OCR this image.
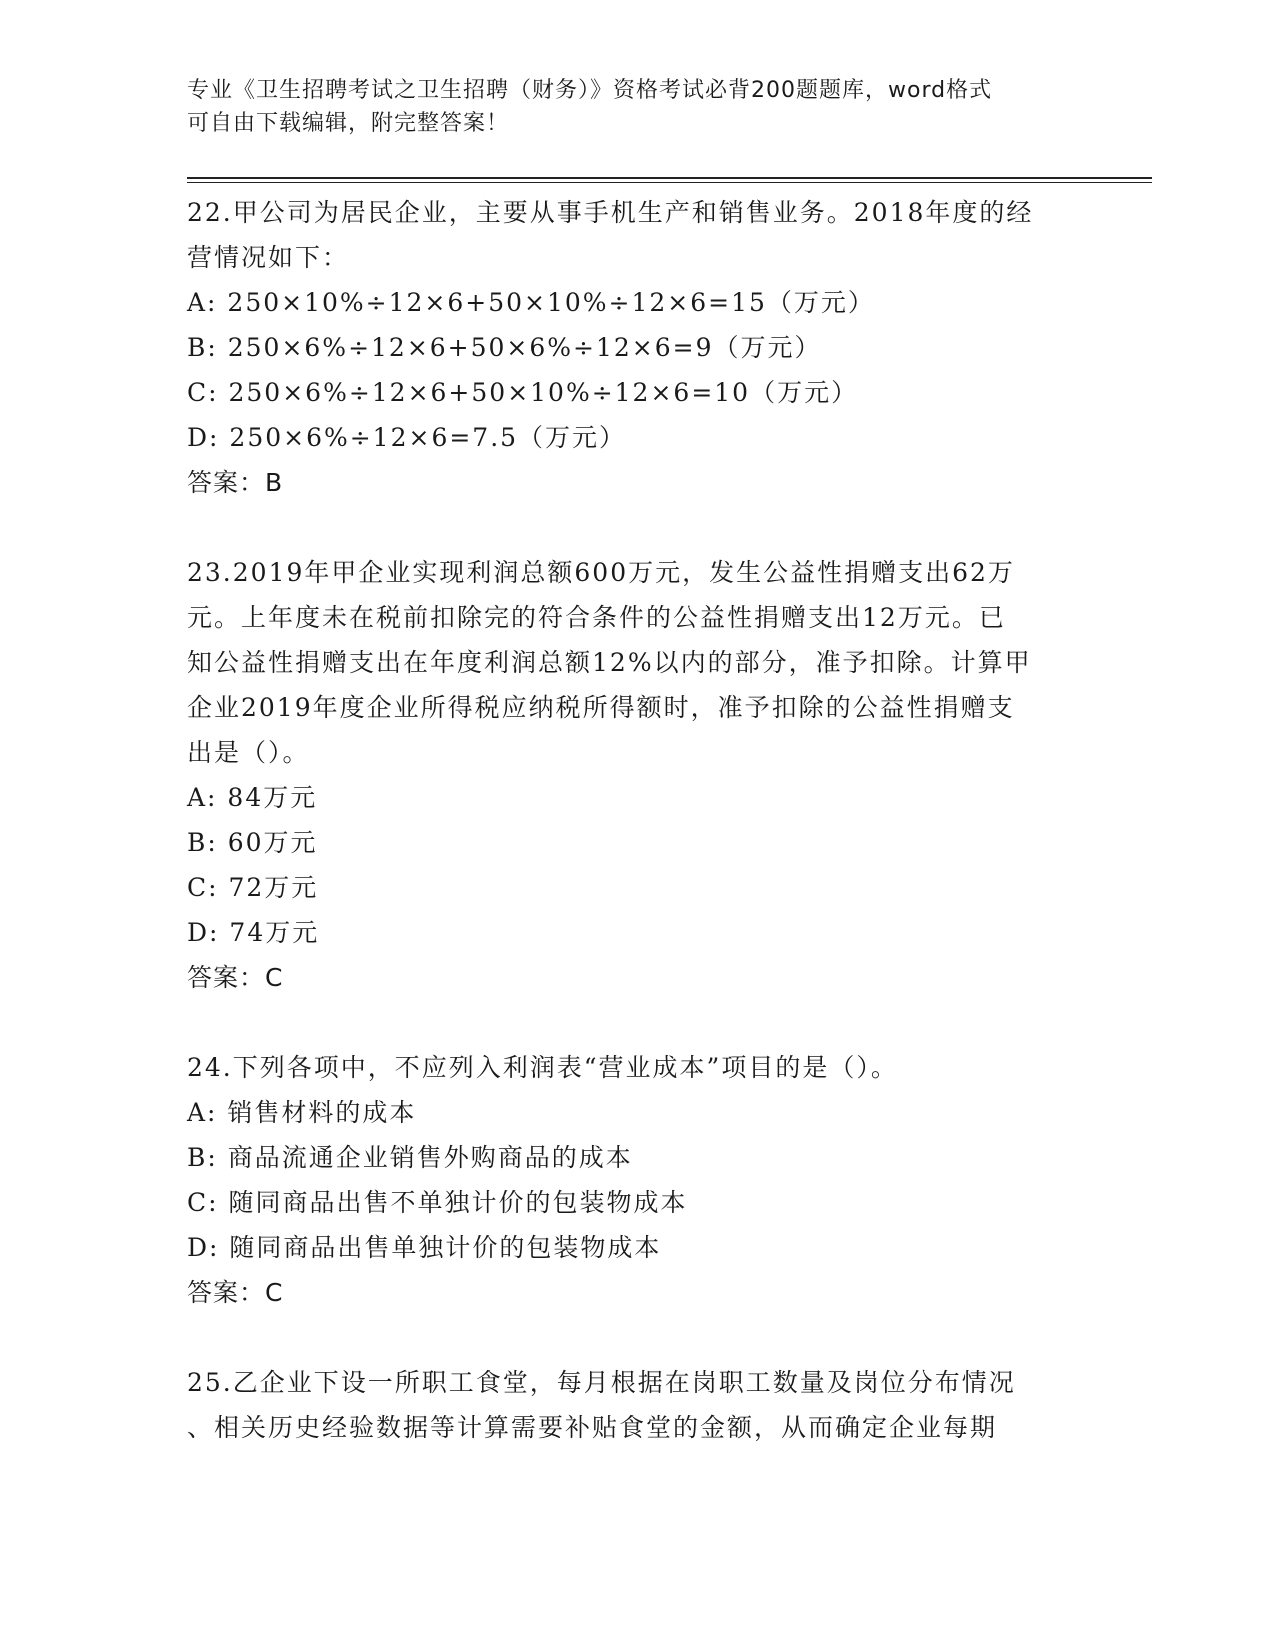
专业《卫生招聘考试之卫生招聘（财务）》资格考试必背200题题库，word格式
可自由下载编辑，附完整答案！
22.甲公司为居民企业，主要从事手机生产和销售业务。2018年度的经
营情况如下：
A: 250×10%÷12×6+50×10%÷12×6=15（万元）
B: 250×6%÷12×6+50×6%÷12×6=9（万元）
C: 250×6%÷12×6+50×10%÷12×6=10（万元）
D: 250×6%÷12×6=7.5（万元）
答案：B
23.2019年甲企业实现利润总额600万元，发生公益性捐赠支出62万
元。上年度未在税前扣除完的符合条件的公益性捐赠支出12万元。已
知公益性捐赠支出在年度利润总额12%以内的部分，准予扣除。计算甲
企业2019年度企业所得税应纳税所得额时，准予扣除的公益性捐赠支
出是（）。
A: 84万元
B: 60万元
C: 72万元
D: 74万元
答案：C
24.下列各项中，不应列入利润表“营业成本”项目的是（）。
A: 销售材料的成本
B: 商品流通企业销售外购商品的成本
C: 随同商品出售不单独计价的包装物成本
D: 随同商品出售单独计价的包装物成本
答案：C
25.乙企业下设一所职工食堂，每月根据在岗职工数量及岗位分布情况
、相关历史经验数据等计算需要补贴食堂的金额，从而确定企业每期
